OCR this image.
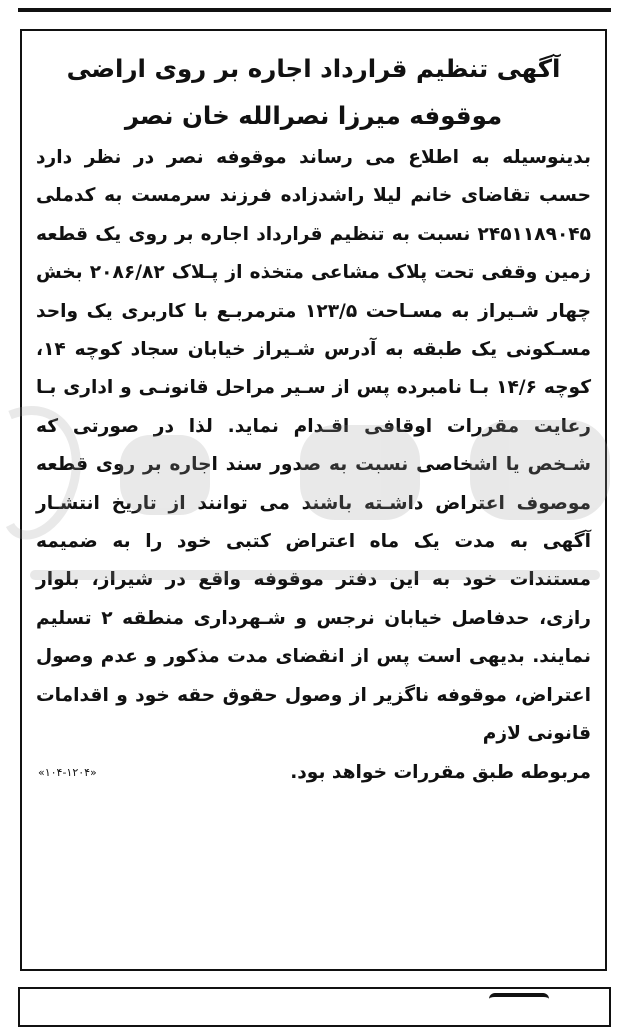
آگهی تنظیم قرارداد اجاره بر روی اراضی
موقوفه میرزا نصرالله خان نصر

بدینوسیله به اطلاع می رساند موقوفه نصر در نظر دارد حسب تقاضای خانم لیلا راشدزاده فرزند سرمست به کدملی ۲۴۵۱۱۸۹۰۴۵ نسبت به تنظیم قرارداد اجاره بر روی یک قطعه زمین وقفی تحت پلاک مشاعی متخذه از پـلاک ۲۰۸۶/۸۲ بخش چهار شـیراز به مسـاحت ۱۲۳/۵ مترمربـع با کاربری یک واحد مسـکونی یک طبقه به آدرس شـیراز خیابان سجاد کوچه ۱۴، کوچه ۱۴/۶ بـا نامبرده پس از سـیر مراحل قانونـی و اداری بـا رعایت مقررات اوقافی اقـدام نماید. لذا در صورتی که شـخص یا اشخاصی نسبت به صدور سند اجاره بر روی قطعه موصوف اعتراض داشـته باشند می توانند از تاریخ انتشـار آگهی به مدت یک ماه اعتراض کتبی خود را به ضمیمه مستندات خود به این دفتر موقوفه واقع در شیراز، بلوار رازی، حدفاصل خیابان نرجس و شـهرداری منطقه ۲ تسلیم نمایند. بدیهی است پس از انقضای مدت مذکور و عدم وصول اعتراض، موقوفه ناگزیر از وصول حقوق حقه خود و اقدامات قانونی لازم

مربوطه طبق مقررات خواهد بود.
«۱۰۴-۱۲۰۴»
